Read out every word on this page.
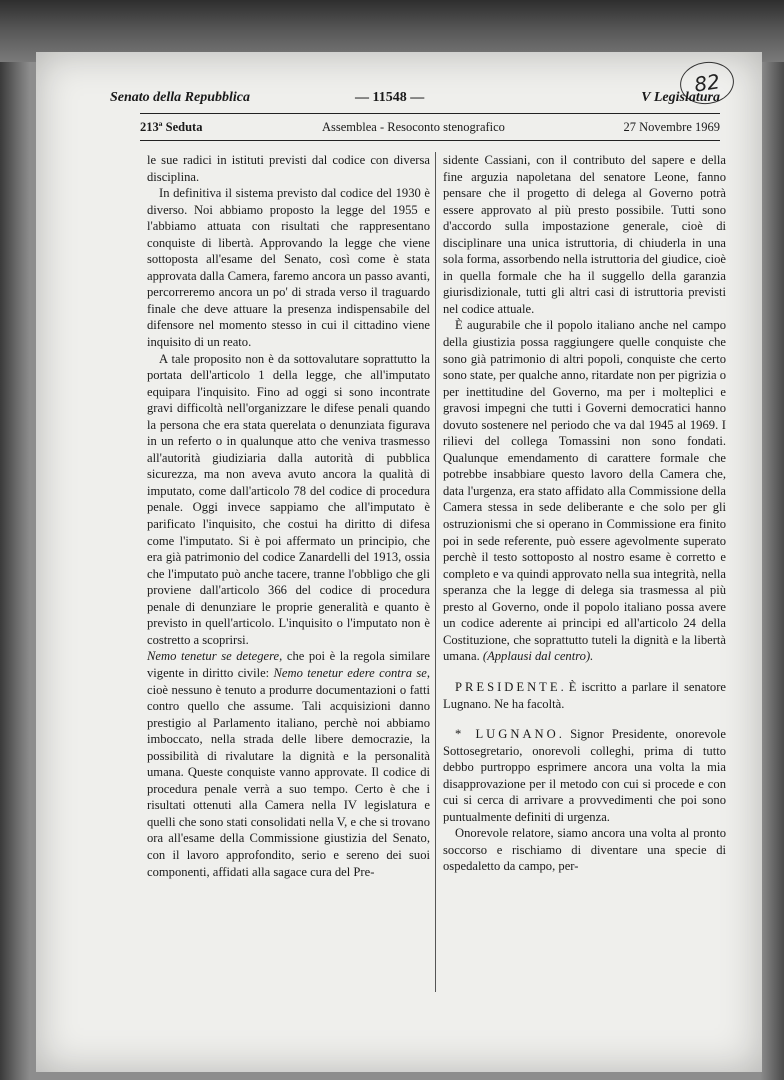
82
Senato della Repubblica	— 11548 —	V Legislatura
213ª Seduta	Assemblea - Resoconto stenografico	27 Novembre 1969

le sue radici in istituti previsti dal codice con diversa disciplina.

In definitiva il sistema previsto dal codice del 1930 è diverso. Noi abbiamo proposto la legge del 1955 e l'abbiamo attuata con risultati che rappresentano conquiste di libertà. Approvando la legge che viene sottoposta all'esame del Senato, così come è stata approvata dalla Camera, faremo ancora un passo avanti, percorreremo ancora un po' di strada verso il traguardo finale che deve attuare la presenza indispensabile del difensore nel momento stesso in cui il cittadino viene inquisito di un reato.

A tale proposito non è da sottovalutare soprattutto la portata dell'articolo 1 della legge, che all'imputato equipara l'inquisito. Fino ad oggi si sono incontrate gravi difficoltà nell'organizzare le difese penali quando la persona che era stata querelata o denunziata figurava in un referto o in qualunque atto che veniva trasmesso all'autorità giudiziaria dalla autorità di pubblica sicurezza, ma non aveva avuto ancora la qualità di imputato, come dall'articolo 78 del codice di procedura penale. Oggi invece sappiamo che all'imputato è parificato l'inquisito, che costui ha diritto di difesa come l'imputato. Si è poi affermato un principio, che era già patrimonio del codice Zanardelli del 1913, ossia che l'imputato può anche tacere, tranne l'obbligo che gli proviene dall'articolo 366 del codice di procedura penale di denunziare le proprie generalità e quanto è previsto in quell'articolo. L'inquisito o l'imputato non è costretto a scoprirsi.
Nemo tenetur se detegere, che poi è la regola similare vigente in diritto civile: Nemo tenetur edere contra se, cioè nessuno è tenuto a produrre documentazioni o fatti contro quello che assume. Tali acquisizioni danno prestigio al Parlamento italiano, perchè noi abbiamo imboccato, nella strada delle libere democrazie, la possibilità di rivalutare la dignità e la personalità umana. Queste conquiste vanno approvate. Il codice di procedura penale verrà a suo tempo. Certo è che i risultati ottenuti alla Camera nella IV legislatura e quelli che sono stati consolidati nella V, e che si trovano ora all'esame della Commissione giustizia del Senato, con il lavoro approfondito, serio e sereno dei suoi componenti, affidati alla sagace cura del Pre-

sidente Cassiani, con il contributo del sapere e della fine arguzia napoletana del senatore Leone, fanno pensare che il progetto di delega al Governo potrà essere approvato al più presto possibile. Tutti sono d'accordo sulla impostazione generale, cioè di disciplinare una unica istruttoria, di chiuderla in una sola forma, assorbendo nella istruttoria del giudice, cioè in quella formale che ha il suggello della garanzia giurisdizionale, tutti gli altri casi di istruttoria previsti nel codice attuale.

È augurabile che il popolo italiano anche nel campo della giustizia possa raggiungere quelle conquiste che sono già patrimonio di altri popoli, conquiste che certo sono state, per qualche anno, ritardate non per pigrizia o per inettitudine del Governo, ma per i molteplici e gravosi impegni che tutti i Governi democratici hanno dovuto sostenere nel periodo che va dal 1945 al 1969. I rilievi del collega Tomassini non sono fondati. Qualunque emendamento di carattere formale che potrebbe insabbiare questo lavoro della Camera che, data l'urgenza, era stato affidato alla Commissione della Camera stessa in sede deliberante e che solo per gli ostruzionismi che si operano in Commissione era finito poi in sede referente, può essere agevolmente superato perchè il testo sottoposto al nostro esame è corretto e completo e va quindi approvato nella sua integrità, nella speranza che la legge di delega sia trasmessa al più presto al Governo, onde il popolo italiano possa avere un codice aderente ai principi ed all'articolo 24 della Costituzione, che soprattutto tuteli la dignità e la libertà umana. (Applausi dal centro).

PRESIDENTE. È iscritto a parlare il senatore Lugnano. Ne ha facoltà.

* LUGNANO. Signor Presidente, onorevole Sottosegretario, onorevoli colleghi, prima di tutto debbo purtroppo esprimere ancora una volta la mia disapprovazione per il metodo con cui si procede e con cui si cerca di arrivare a provvedimenti che poi sono puntualmente definiti di urgenza.

Onorevole relatore, siamo ancora una volta al pronto soccorso e rischiamo di diventare una specie di ospedaletto da campo, per-
